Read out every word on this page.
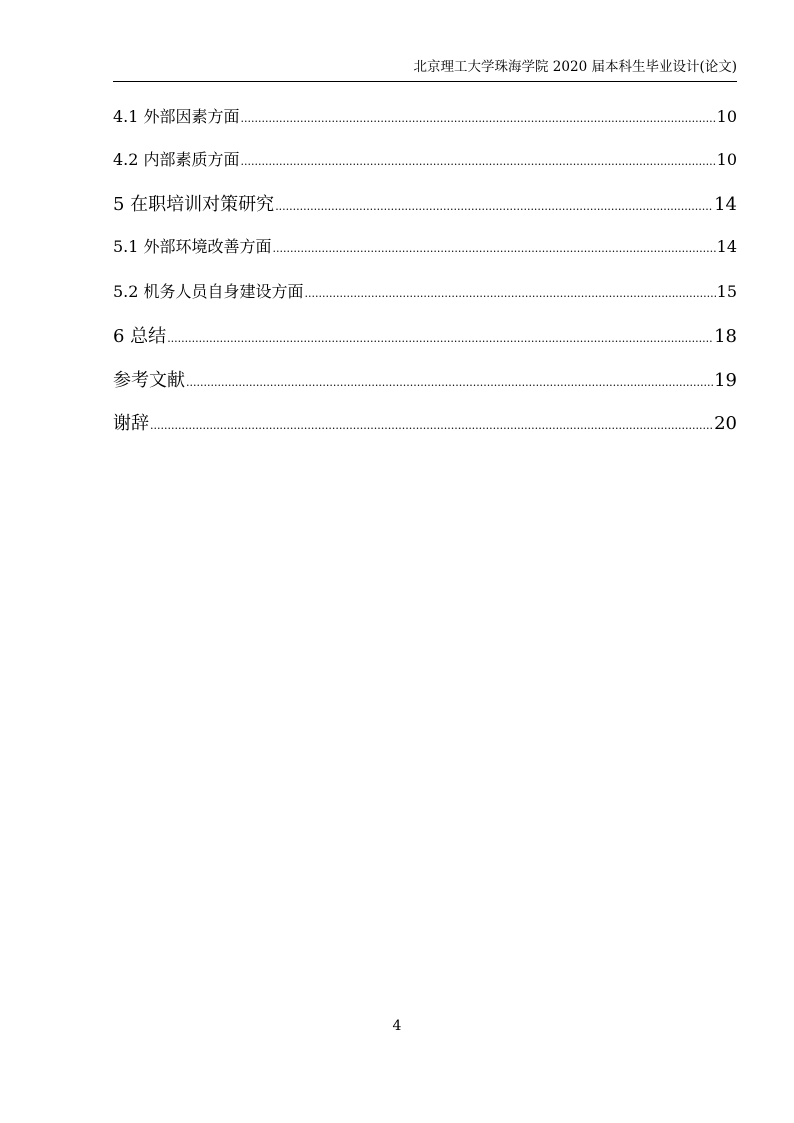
北京理工大学珠海学院 2020 届本科生毕业设计(论文)
4.1 外部因素方面 .....	10
4.2 内部素质方面 .....	10
5 在职培训对策研究 .....	14
5.1 外部环境改善方面 .....	14
5.2 机务人员自身建设方面 .....	15
6 总结 .....	18
参考文献 .....	19
谢辞 .....	20
4
